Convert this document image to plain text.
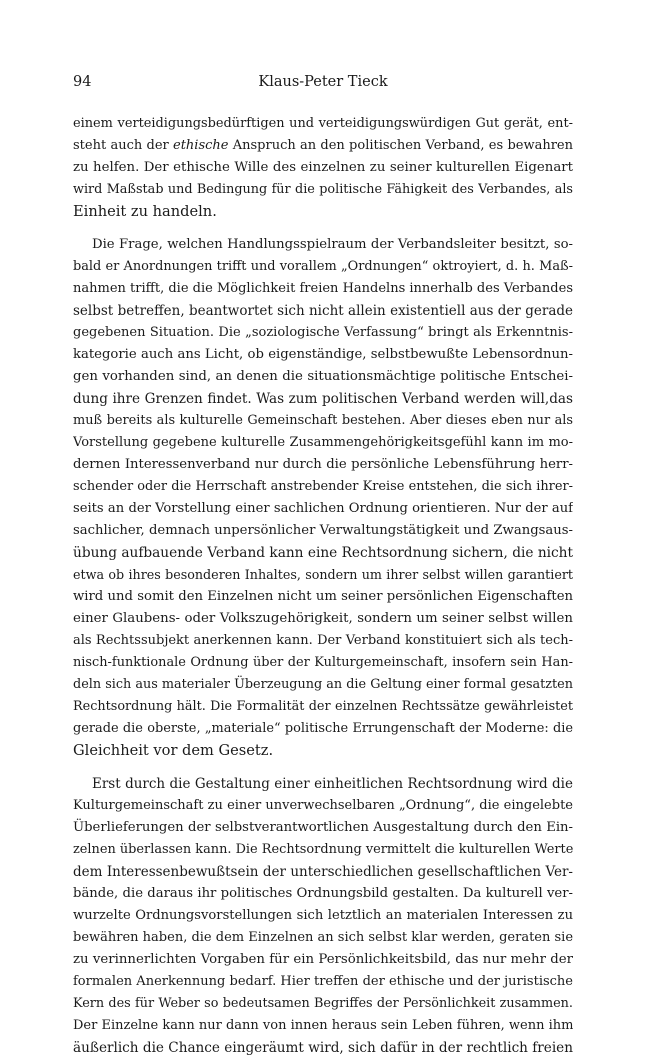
94	Klaus-Peter Tieck
einem verteidigungsbedürftigen und verteidigungswürdigen Gut gerät, ent-
steht auch der ethische Anspruch an den politischen Verband, es bewahren
zu helfen. Der ethische Wille des einzelnen zu seiner kulturellen Eigenart
wird Maßstab und Bedingung für die politische Fähigkeit des Verbandes, als
Einheit zu handeln.
Die Frage, welchen Handlungsspielraum der Verbandsleiter besitzt, so-
bald er Anordnungen trifft und vorallem „Ordnungen“ oktroyiert, d. h. Maß-
nahmen trifft, die die Möglichkeit freien Handelns innerhalb des Verbandes
selbst betreffen, beantwortet sich nicht allein existentiell aus der gerade
gegebenen Situation. Die „soziologische Verfassung“ bringt als Erkenntnis-
kategorie auch ans Licht, ob eigenständige, selbstbewußte Lebensordnun-
gen vorhanden sind, an denen die situationsmächtige politische Entschei-
dung ihre Grenzen findet. Was zum politischen Verband werden will,das
muß bereits als kulturelle Gemeinschaft bestehen. Aber dieses eben nur als
Vorstellung gegebene kulturelle Zusammengehörigkeitsgefühl kann im mo-
dernen Interessenverband nur durch die persönliche Lebensführung herr-
schender oder die Herrschaft anstrebender Kreise entstehen, die sich ihrer-
seits an der Vorstellung einer sachlichen Ordnung orientieren. Nur der auf
sachlicher, demnach unpersönlicher Verwaltungstätigkeit und Zwangsaus-
übung aufbauende Verband kann eine Rechtsordnung sichern, die nicht
etwa ob ihres besonderen Inhaltes, sondern um ihrer selbst willen garantiert
wird und somit den Einzelnen nicht um seiner persönlichen Eigenschaften
einer Glaubens- oder Volkszugehörigkeit, sondern um seiner selbst willen
als Rechtssubjekt anerkennen kann. Der Verband konstituiert sich als tech-
nisch-funktionale Ordnung über der Kulturgemeinschaft, insofern sein Han-
deln sich aus materialer Überzeugung an die Geltung einer formal gesatzten
Rechtsordnung hält. Die Formalität der einzelnen Rechtssätze gewährleistet
gerade die oberste, „materiale“ politische Errungenschaft der Moderne: die
Gleichheit vor dem Gesetz.
Erst durch die Gestaltung einer einheitlichen Rechtsordnung wird die
Kulturgemeinschaft zu einer unverwechselbaren „Ordnung“, die eingelebte
Überlieferungen der selbstverantwortlichen Ausgestaltung durch den Ein-
zelnen überlassen kann. Die Rechtsordnung vermittelt die kulturellen Werte
dem Interessenbewußtsein der unterschiedlichen gesellschaftlichen Ver-
bände, die daraus ihr politisches Ordnungsbild gestalten. Da kulturell ver-
wurzelte Ordnungsvorstellungen sich letztlich an materialen Interessen zu
bewähren haben, die dem Einzelnen an sich selbst klar werden, geraten sie
zu verinnerlichten Vorgaben für ein Persönlichkeitsbild, das nur mehr der
formalen Anerkennung bedarf. Hier treffen der ethische und der juristische
Kern des für Weber so bedeutsamen Begriffes der Persönlichkeit zusammen.
Der Einzelne kann nur dann von innen heraus sein Leben führen, wenn ihm
äußerlich die Chance eingeräumt wird, sich dafür in der rechtlich freien
